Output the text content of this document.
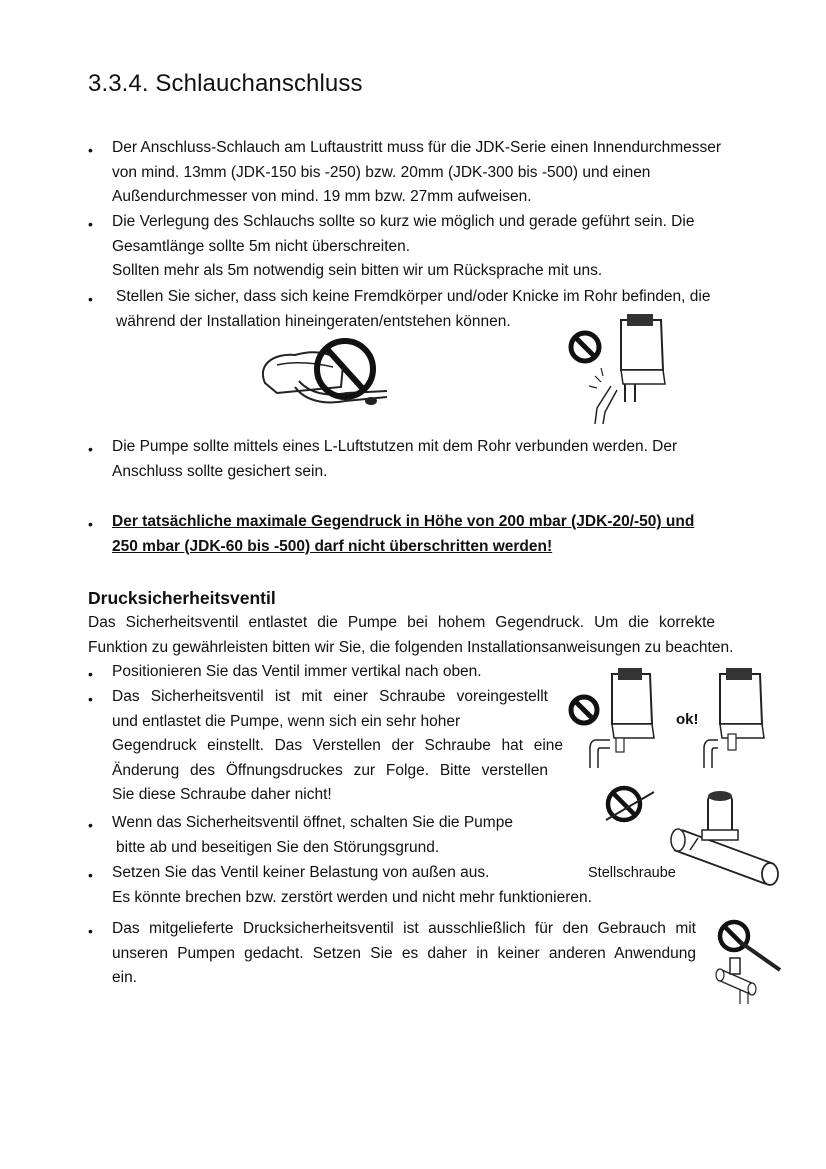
3.3.4. Schlauchanschluss
•	Der Anschluss-Schlauch am Luftaustritt muss für die JDK-Serie einen Innendurchmesser
von mind. 13mm (JDK-150 bis -250) bzw. 20mm (JDK-300 bis -500) und einen
Außendurchmesser von mind. 19 mm bzw. 27mm aufweisen.
•	Die Verlegung des Schlauchs sollte so kurz wie möglich und gerade geführt sein. Die
Gesamtlänge sollte 5m nicht überschreiten.
Sollten mehr als 5m notwendig sein bitten wir um Rücksprache mit uns.
•	Stellen Sie sicher, dass sich keine Fremdkörper und/oder Knicke im Rohr befinden, die
während der Installation hineingeraten/entstehen können.
•	Die Pumpe sollte mittels eines L-Luftstutzen mit dem Rohr verbunden werden. Der
Anschluss sollte gesichert sein.
•	Der tatsächliche maximale Gegendruck in Höhe von 200 mbar (JDK-20/-50) und
250 mbar (JDK-60 bis -500) darf nicht überschritten werden!
Drucksicherheitsventil
Das Sicherheitsventil entlastet die Pumpe bei hohem Gegendruck. Um die korrekte
Funktion zu gewährleisten bitten wir Sie, die folgenden Installationsanweisungen zu beachten.
•	Positionieren Sie das Ventil immer vertikal nach oben.
•	Das Sicherheitsventil ist mit einer Schraube voreingestellt
und entlastet die Pumpe, wenn sich ein sehr hoher
Gegendruck einstellt. Das Verstellen der Schraube hat eine
Änderung des Öffnungsdruckes zur Folge. Bitte verstellen
Sie diese Schraube daher nicht!
•	Wenn das Sicherheitsventil öffnet, schalten Sie die Pumpe
bitte ab und beseitigen Sie den Störungsgrund.
•	Setzen Sie das Ventil keiner Belastung von außen aus.
Es könnte brechen bzw. zerstört werden und nicht mehr funktionieren.
•	Das mitgelieferte Drucksicherheitsventil ist ausschließlich für den Gebrauch mit
unseren Pumpen gedacht. Setzen Sie es daher in keiner anderen Anwendung
ein.
ok!
Stellschraube
